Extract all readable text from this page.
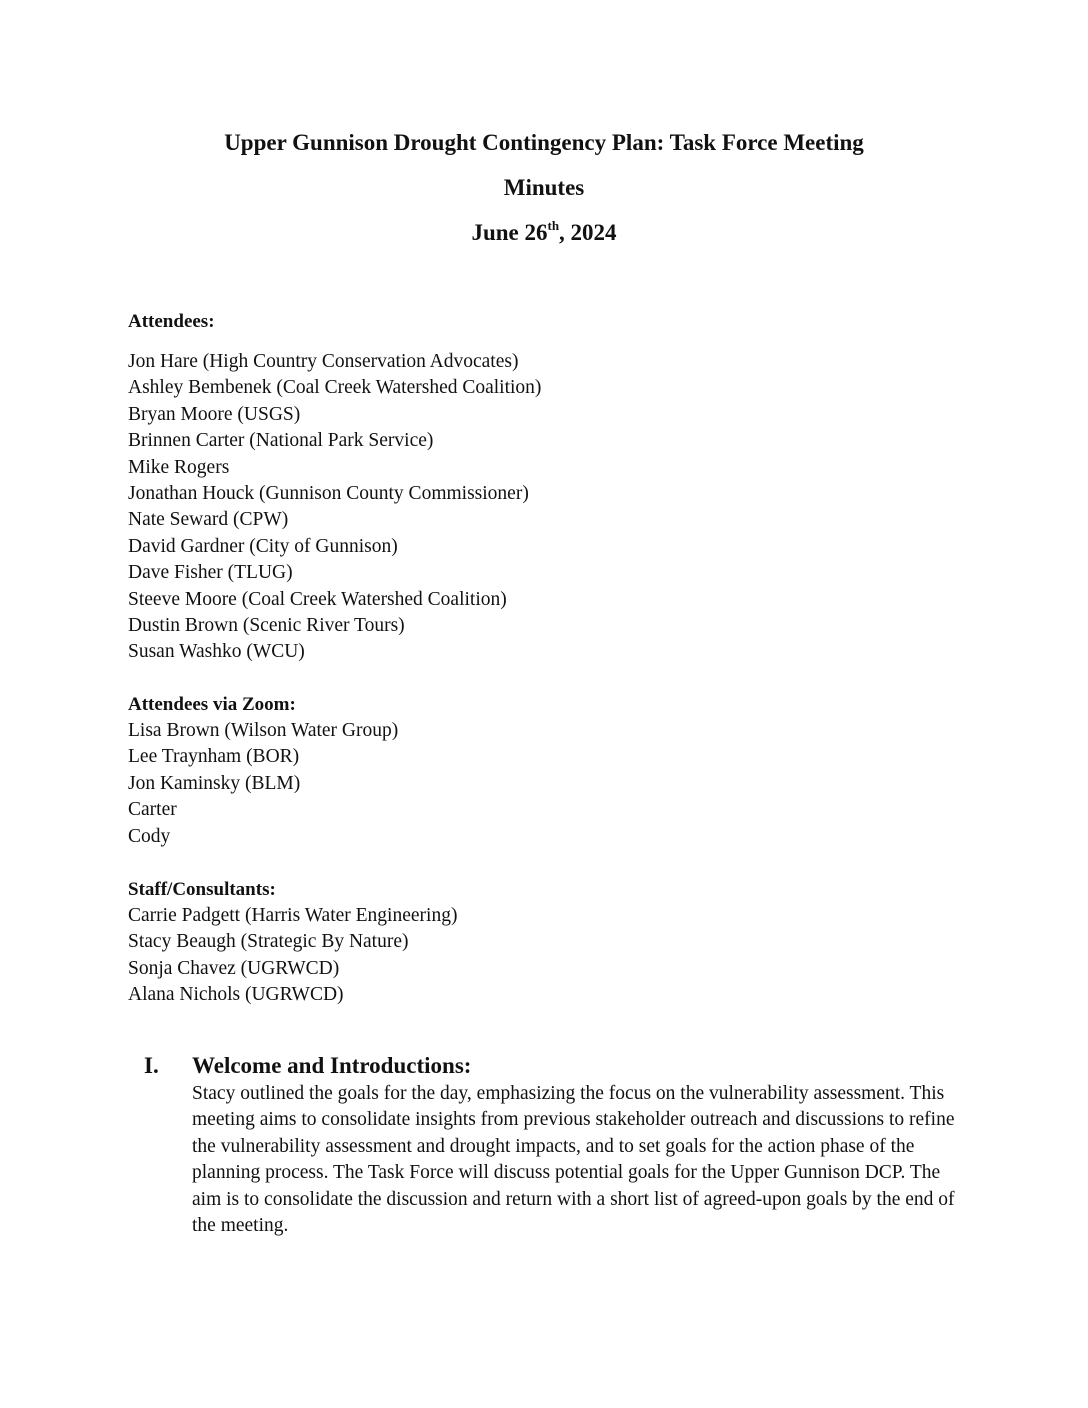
Upper Gunnison Drought Contingency Plan: Task Force Meeting
Minutes
June 26th, 2024

Attendees:

Jon Hare (High Country Conservation Advocates)
Ashley Bembenek (Coal Creek Watershed Coalition)
Bryan Moore (USGS)
Brinnen Carter (National Park Service)
Mike Rogers
Jonathan Houck (Gunnison County Commissioner)
Nate Seward (CPW)
David Gardner (City of Gunnison)
Dave Fisher (TLUG)
Steeve Moore (Coal Creek Watershed Coalition)
Dustin Brown (Scenic River Tours)
Susan Washko (WCU)

Attendees via Zoom:

Lisa Brown (Wilson Water Group)
Lee Traynham (BOR)
Jon Kaminsky (BLM)
Carter
Cody

Staff/Consultants:

Carrie Padgett (Harris Water Engineering)
Stacy Beaugh (Strategic By Nature)
Sonja Chavez (UGRWCD)
Alana Nichols (UGRWCD)

I.	Welcome and Introductions:

Stacy outlined the goals for the day, emphasizing the focus on the vulnerability assessment. This meeting aims to consolidate insights from previous stakeholder outreach and discussions to refine the vulnerability assessment and drought impacts, and to set goals for the action phase of the planning process. The Task Force will discuss potential goals for the Upper Gunnison DCP. The aim is to consolidate the discussion and return with a short list of agreed-upon goals by the end of the meeting.
